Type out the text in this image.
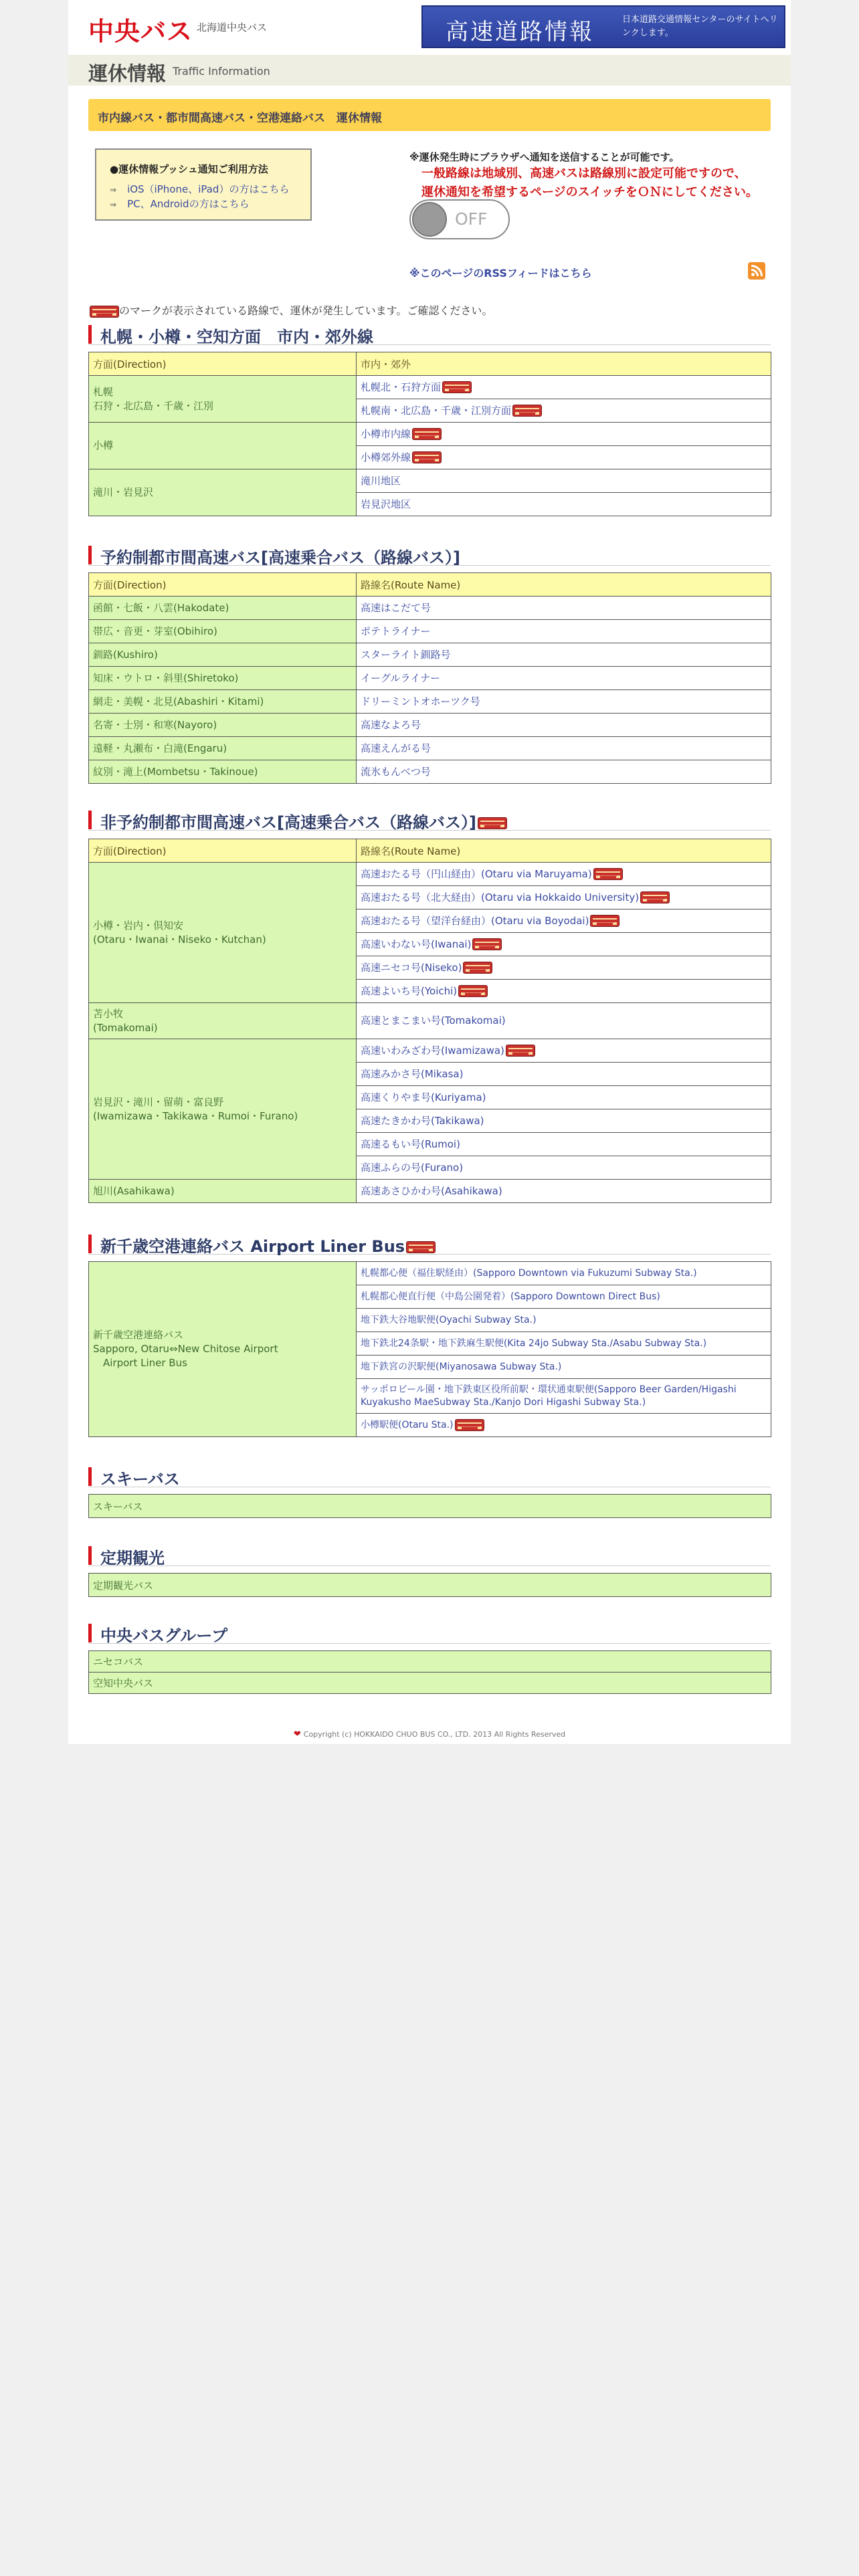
中央バス 北海道中央バス	高速道路情報	日本道路交通情報センターのサイトへリンクします。
運休情報 Traffic Information
市内線バス・都市間高速バス・空港連絡バス　運休情報
●運休情報プッシュ通知ご利用方法
⇒ iOS（iPhone、iPad）の方はこちら
⇒ PC、Androidの方はこちら
※運休発生時にブラウザへ通知を送信することが可能です。
一般路線は地域別、高速バスは路線別に設定可能ですので、
運休通知を希望するページのスイッチをＯＮにしてください。
OFF
※このページのRSSフィードはこちら
のマークが表示されている路線で、運休が発生しています。ご確認ください。
札幌・小樽・空知方面　市内・郊外線
方面(Direction)	市内・郊外
札幌
石狩・北広島・千歳・江別	札幌北・石狩方面
	札幌南・北広島・千歳・江別方面
小樽	小樽市内線
	小樽郊外線
滝川・岩見沢	滝川地区
	岩見沢地区
予約制都市間高速バス[高速乗合バス（路線バス）]
方面(Direction)	路線名(Route Name)
函館・七飯・八雲(Hakodate)	高速はこだて号
帯広・音更・芽室(Obihiro)	ポテトライナー
釧路(Kushiro)	スターライト釧路号
知床・ウトロ・斜里(Shiretoko)	イーグルライナー
網走・美幌・北見(Abashiri・Kitami)	ドリーミントオホーツク号
名寄・士別・和寒(Nayoro)	高速なよろ号
遠軽・丸瀬布・白滝(Engaru)	高速えんがる号
紋別・滝上(Mombetsu・Takinoue)	流氷もんべつ号
非予約制都市間高速バス[高速乗合バス（路線バス）]
方面(Direction)	路線名(Route Name)
小樽・岩内・倶知安
(Otaru・Iwanai・Niseko・Kutchan)	高速おたる号（円山経由）(Otaru via Maruyama)
	高速おたる号（北大経由）(Otaru via Hokkaido University)
	高速おたる号（望洋台経由）(Otaru via Boyodai)
	高速いわない号(Iwanai)
	高速ニセコ号(Niseko)
	高速よいち号(Yoichi)
苫小牧
(Tomakomai)	高速とまこまい号(Tomakomai)
岩見沢・滝川・留萌・富良野
(Iwamizawa・Takikawa・Rumoi・Furano)	高速いわみざわ号(Iwamizawa)
	高速みかさ号(Mikasa)
	高速くりやま号(Kuriyama)
	高速たきかわ号(Takikawa)
	高速るもい号(Rumoi)
	高速ふらの号(Furano)
旭川(Asahikawa)	高速あさひかわ号(Asahikawa)
新千歳空港連絡バス Airport Liner Bus
新千歳空港連絡バス
Sapporo, Otaru⇔New Chitose Airport
　Airport Liner Bus	札幌都心便（福住駅経由）(Sapporo Downtown via Fukuzumi Subway Sta.)
札幌都心便直行便（中島公園発着）(Sapporo Downtown Direct Bus)
地下鉄大谷地駅便(Oyachi Subway Sta.)
地下鉄北24条駅・地下鉄麻生駅便(Kita 24jo Subway Sta./Asabu Subway Sta.)
地下鉄宮の沢駅便(Miyanosawa Subway Sta.)
サッポロビール園・地下鉄東区役所前駅・環状通東駅便(Sapporo Beer Garden/Higashi Kuyakusho MaeSubway Sta./Kanjo Dori Higashi Subway Sta.)
小樽駅便(Otaru Sta.)
スキーバス
スキーバス
定期観光
定期観光バス
中央バスグループ
ニセコバス
空知中央バス
❤ Copyright (c) HOKKAIDO CHUO BUS CO., LTD. 2013 All Rights Reserved
